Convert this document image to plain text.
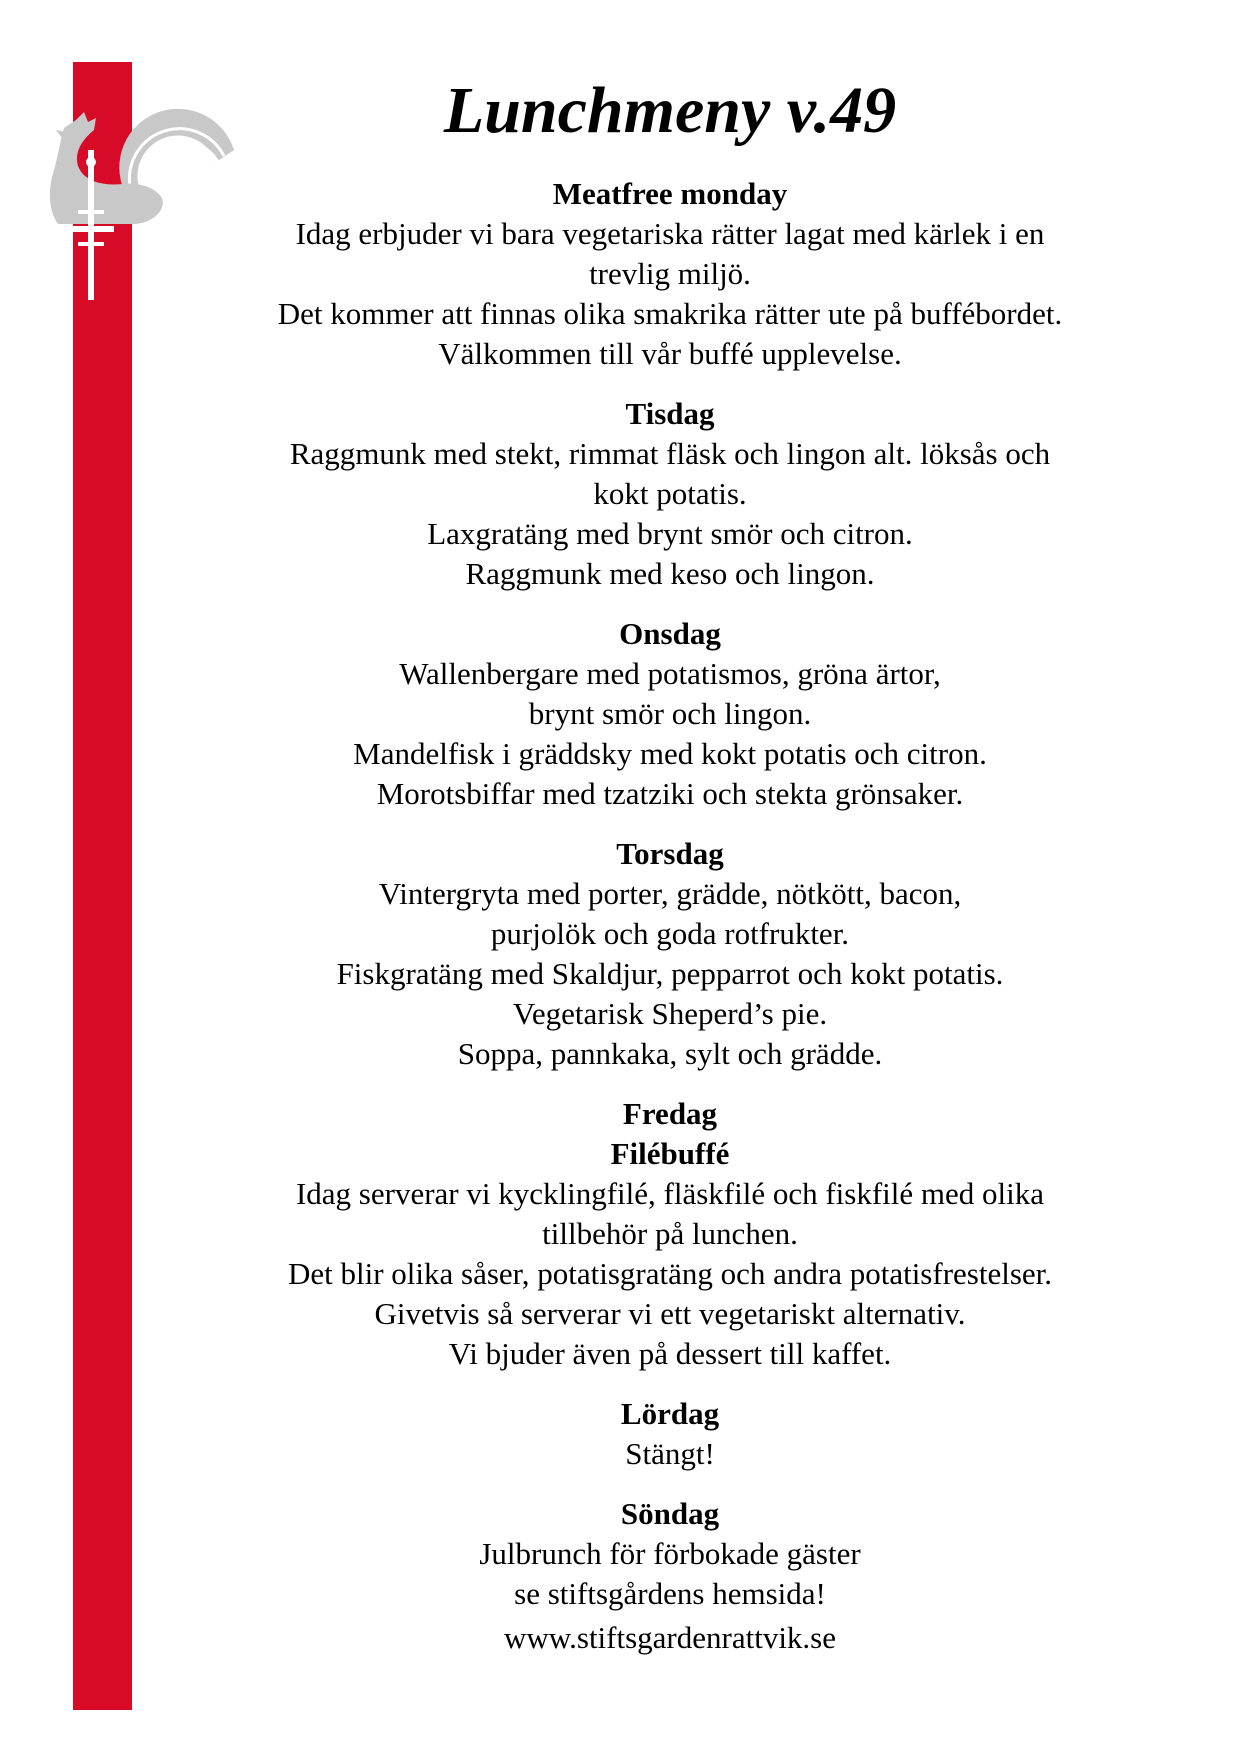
Lunchmeny v.49
Meatfree monday
Idag erbjuder vi bara vegetariska rätter lagat med kärlek i en
trevlig miljö.
Det kommer att finnas olika smakrika rätter ute på buffébordet.
Välkommen till vår buffé upplevelse.
Tisdag
Raggmunk med stekt, rimmat fläsk och lingon alt. löksås och
kokt potatis.
Laxgratäng med brynt smör och citron.
Raggmunk med keso och lingon.
Onsdag
Wallenbergare med potatismos, gröna ärtor,
brynt smör och lingon.
Mandelfisk i gräddsky med kokt potatis och citron.
Morotsbiffar med tzatziki och stekta grönsaker.
Torsdag
Vintergryta med porter, grädde, nötkött, bacon,
purjolök och goda rotfrukter.
Fiskgratäng med Skaldjur, pepparrot och kokt potatis.
Vegetarisk Sheperd’s pie.
Soppa, pannkaka, sylt och grädde.
Fredag
Filébuffé
Idag serverar vi kycklingfilé, fläskfilé och fiskfilé med olika
tillbehör på lunchen.
Det blir olika såser, potatisgratäng och andra potatisfrestelser.
Givetvis så serverar vi ett vegetariskt alternativ.
Vi bjuder även på dessert till kaffet.
Lördag
Stängt!
Söndag
Julbrunch för förbokade gäster
se stiftsgårdens hemsida!
www.stiftsgardenrattvik.se
